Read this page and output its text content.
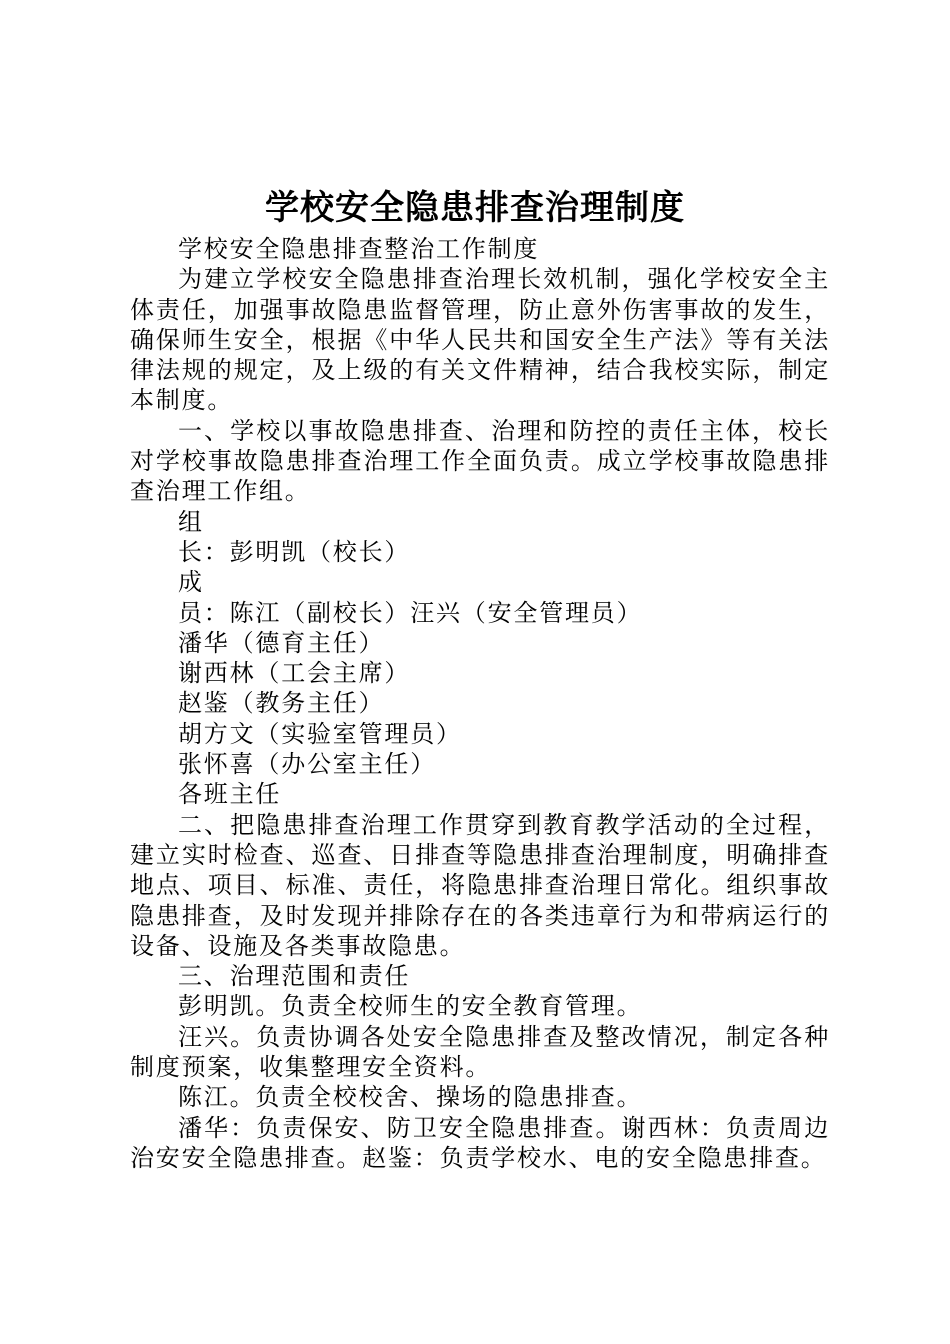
学校安全隐患排查治理制度

学校安全隐患排查整治工作制度

为建立学校安全隐患排查治理长效机制，强化学校安全主体责任，加强事故隐患监督管理，防止意外伤害事故的发生，确保师生安全，根据《中华人民共和国安全生产法》等有关法律法规的规定，及上级的有关文件精神，结合我校实际，制定本制度。

一、学校以事故隐患排查、治理和防控的责任主体，校长对学校事故隐患排查治理工作全面负责。成立学校事故隐患排查治理工作组。

组

长：彭明凯（校长）

成

员：陈江（副校长）汪兴（安全管理员）

潘华（德育主任）

谢西林（工会主席）

赵鉴（教务主任）

胡方文（实验室管理员）

张怀喜（办公室主任）

各班主任

二、把隐患排查治理工作贯穿到教育教学活动的全过程，建立实时检查、巡查、日排查等隐患排查治理制度，明确排查地点、项目、标准、责任，将隐患排查治理日常化。组织事故隐患排查，及时发现并排除存在的各类违章行为和带病运行的设备、设施及各类事故隐患。

三、治理范围和责任

彭明凯。负责全校师生的安全教育管理。

汪兴。负责协调各处安全隐患排查及整改情况，制定各种制度预案，收集整理安全资料。

陈江。负责全校校舍、操场的隐患排查。

潘华：负责保安、防卫安全隐患排查。谢西林：负责周边治安安全隐患排查。赵鉴：负责学校水、电的安全隐患排查。
